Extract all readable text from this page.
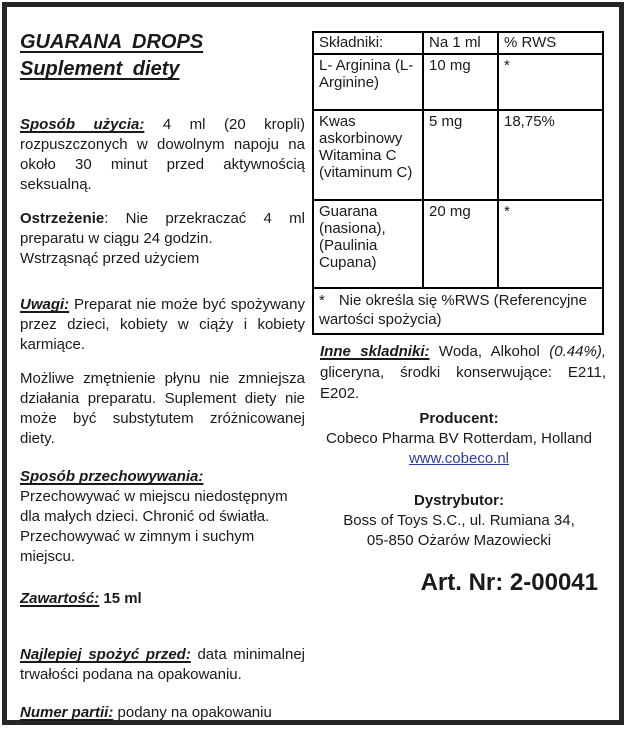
GUARANA DROPS
Suplement diety

Sposób użycia: 4 ml (20 kropli) rozpuszczonych w dowolnym napoju na około 30 minut przed aktywnością seksualną.

Ostrzeżenie: Nie przekraczać 4 ml preparatu w ciągu 24 godzin.

Wstrząsnąć przed użyciem

Uwagi: Preparat nie może być spożywany przez dzieci, kobiety w ciąży i kobiety karmiące.

Możliwe zmętnienie płynu nie zmniejsza działania preparatu. Suplement diety nie może być substytutem zróżnicowanej diety.

Sposób przechowywania:

Przechowywać w miejscu niedostępnym dla małych dzieci. Chronić od światła. Przechowywać w zimnym i suchym miejscu.

Zawartość: 15 ml

Najlepiej spożyć przed: data minimalnej trwałości podana na opakowaniu.

Numer partii: podany na opakowaniu

Składniki:	Na 1 ml	% RWS
L- Arginina (L-Arginine)	10 mg	*
Kwas askorbinowy Witamina C (vitaminum C)	5 mg	18,75%
Guarana (nasiona), (Paulinia Cupana)	20 mg	*
* Nie określa się %RWS (Referencyjne wartości spożycia)		

Inne skladniki: Woda, Alkohol (0.44%), gliceryna, środki konserwujące: E211, E202.

Producent:

Cobeco Pharma BV Rotterdam, Holland

www.cobeco.nl

Dystrybutor:

Boss of Toys S.C., ul. Rumiana 34,

05-850 Ożarów Mazowiecki

Art. Nr: 2-00041
